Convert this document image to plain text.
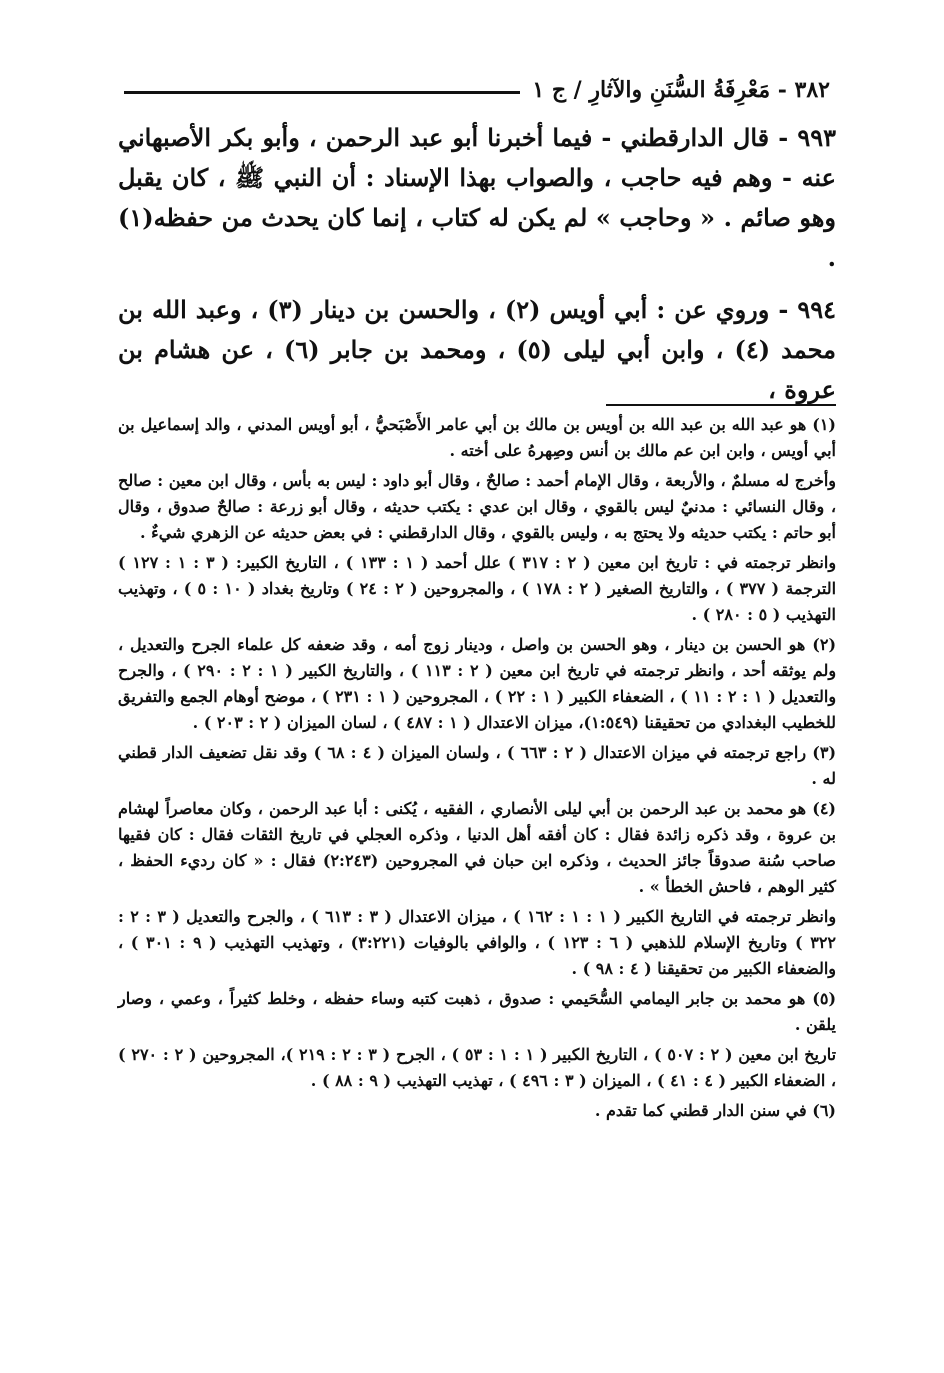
٣٨٢ - مَعْرِفَةُ السُّنَنِ والآثارِ / ج ١

٩٩٣ - قال الدارقطني - فيما أخبرنا أبو عبد الرحمن ، وأبو بكر الأصبهاني عنه - وهم فيه حاجب ، والصواب بهذا الإسناد : أن النبي ﷺ ، كان يقبل وهو صائم . « وحاجب » لم يكن له كتاب ، إنما كان يحدث من حفظه(١) .

٩٩٤ - وروي عن : أبي أويس (٢) ، والحسن بن دينار (٣) ، وعبد الله بن محمد (٤) ، وابن أبي ليلى (٥) ، ومحمد بن جابر (٦) ، عن هشام بن عروة ،

(١) هو عبد الله بن عبد الله بن أويس بن مالك بن أبي عامر الأَصْبَحيُّ ، أبو أويس المدني ، والد إسماعيل بن أبي أويس ، وابن ابن عم مالك بن أنس وصِهرهُ على أخته .

وأخرج له مسلمٌ ، والأربعة ، وقال الإمام أحمد : صالحٌ ، وقال أبو داود : ليس به بأس ، وقال ابن معين : صالح ، وقال النسائي : مدنيٌ ليس بالقوي ، وقال ابن عدي : يكتب حديثه ، وقال أبو زرعة : صالحٌ صدوق ، وقال أبو حاتم : يكتب حديثه ولا يحتج به ، وليس بالقوي ، وقال الدارقطني : في بعض حديثه عن الزهري شيءٌ .

وانظر ترجمته في : تاريخ ابن معين ( ٢ : ٣١٧ ) علل أحمد ( ١ : ١٣٣ ) ، التاريخ الكبير: ( ٣ : ١ : ١٢٧ ) الترجمة ( ٣٧٧ ) ، والتاريخ الصغير ( ٢ : ١٧٨ ) ، والمجروحين ( ٢ : ٢٤ ) وتاريخ بغداد ( ١٠ : ٥ ) ، وتهذيب التهذيب ( ٥ : ٢٨٠ ) .

(٢) هو الحسن بن دينار ، وهو الحسن بن واصل ، ودينار زوج أمه ، وقد ضعفه كل علماء الجرح والتعديل ، ولم يوثقه أحد ، وانظر ترجمته في تاريخ ابن معين ( ٢ : ١١٣ ) ، والتاريخ الكبير ( ١ : ٢ : ٢٩٠ ) ، والجرح والتعديل ( ١ : ٢ : ١١ ) ، الضعفاء الكبير ( ١ : ٢٢ ) ، المجروحين ( ١ : ٢٣١ ) ، موضح أوهام الجمع والتفريق للخطيب البغدادي من تحقيقنا (١:٥٤٩)، ميزان الاعتدال ( ١ : ٤٨٧ ) ، لسان الميزان ( ٢ : ٢٠٣ ) .

(٣) راجع ترجمته في ميزان الاعتدال ( ٢ : ٦٦٣ ) ، ولسان الميزان ( ٤ : ٦٨ ) وقد نقل تضعيف الدار قطني له .

(٤) هو محمد بن عبد الرحمن بن أبي ليلى الأنصاري ، الفقيه ، يُكنى : أبا عبد الرحمن ، وكان معاصراً لهشام بن عروة ، وقد ذكره زائدة فقال : كان أفقه أهل الدنيا ، وذكره العجلي في تاريخ الثقات فقال : كان فقيها صاحب سُنة صدوقاً جائز الحديث ، وذكره ابن حبان في المجروحين (٢:٢٤٣) فقال : « كان رديء الحفظ ، كثير الوهم ، فاحش الخطأ » .

وانظر ترجمته في التاريخ الكبير ( ١ : ١ : ١٦٢ ) ، ميزان الاعتدال ( ٣ : ٦١٣ ) ، والجرح والتعديل ( ٣ : ٢ : ٣٢٢ ) وتاريخ الإسلام للذهبي ( ٦ : ١٢٣ ) ، والوافي بالوفيات (٣:٢٢١) ، وتهذيب التهذيب ( ٩ : ٣٠١ ) ، والضعفاء الكبير من تحقيقنا ( ٤ : ٩٨ ) .

(٥) هو محمد بن جابر اليمامي السُّحَيمي : صدوق ، ذهبت كتبه وساء حفظه ، وخلط كثيراً ، وعمي ، وصار يلقن .

تاريخ ابن معين ( ٢ : ٥٠٧ ) ، التاريخ الكبير ( ١ : ١ : ٥٣ ) ، الجرح ( ٣ : ٢ : ٢١٩ )، المجروحين ( ٢ : ٢٧٠ ) ، الضعفاء الكبير ( ٤ : ٤١ ) ، الميزان ( ٣ : ٤٩٦ ) ، تهذيب التهذيب ( ٩ : ٨٨ ) .

(٦) في سنن الدار قطني كما تقدم .
